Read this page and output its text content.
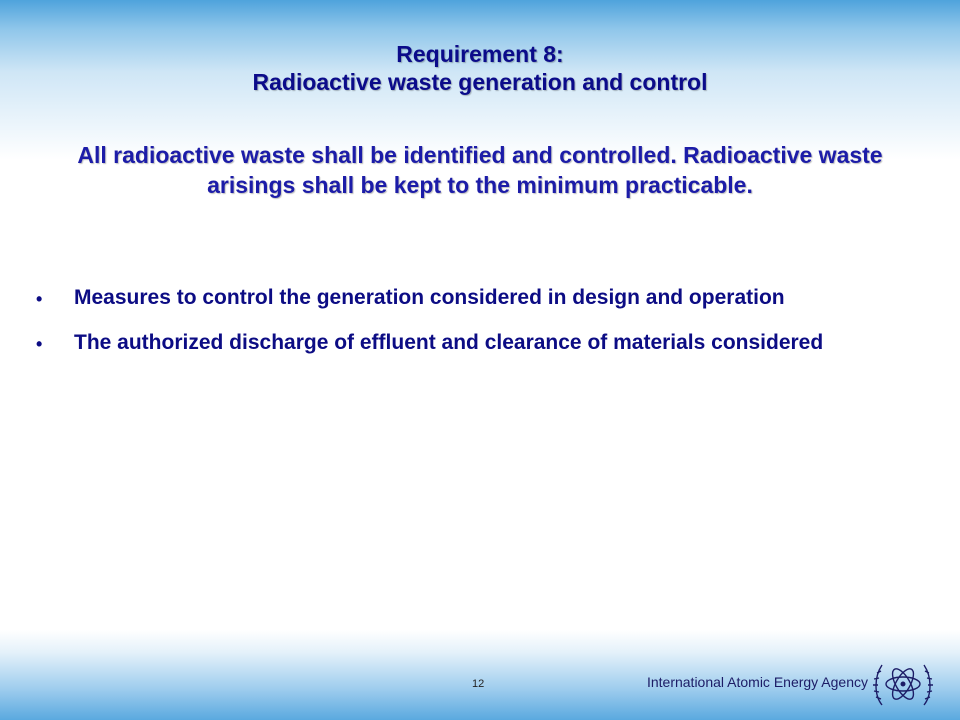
Requirement 8:
Radioactive waste generation and control
All radioactive waste shall be identified and controlled. Radioactive waste arisings shall be kept to the minimum practicable.
• Measures to control the generation considered in design and operation
• The authorized discharge of effluent and clearance of materials considered
12	International Atomic Energy Agency
